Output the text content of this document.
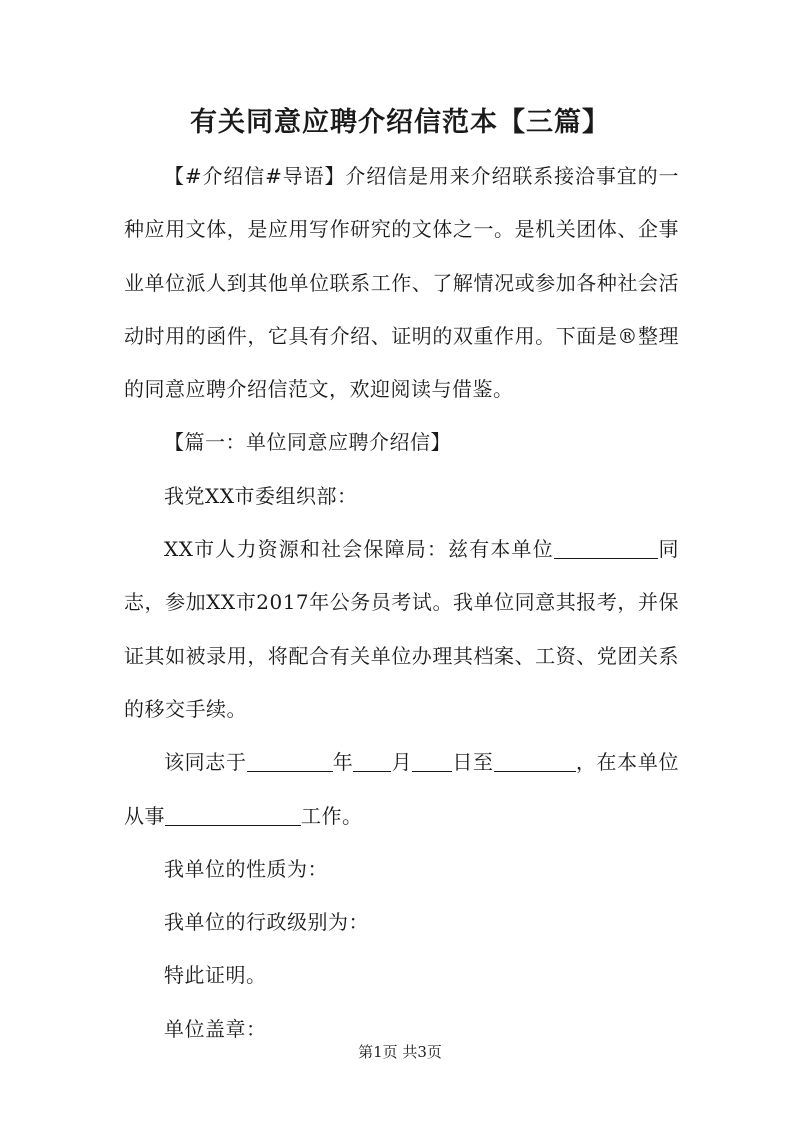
有关同意应聘介绍信范本【三篇】

【#介绍信#导语】介绍信是用来介绍联系接洽事宜的一种应用文体，是应用写作研究的文体之一。是机关团体、企事业单位派人到其他单位联系工作、了解情况或参加各种社会活动时用的函件，它具有介绍、证明的双重作用。下面是®整理的同意应聘介绍信范文，欢迎阅读与借鉴。

【篇一：单位同意应聘介绍信】

我党XX市委组织部：

XX市人力资源和社会保障局：兹有本单位	同志，参加XX市2017年公务员考试。我单位同意其报考，并保证其如被录用，将配合有关单位办理其档案、工资、党团关系的移交手续。

该同志于	年 月 日至	，在本单位从事	工作。

我单位的性质为：

我单位的行政级别为：

特此证明。

单位盖章：

第1页 共3页
